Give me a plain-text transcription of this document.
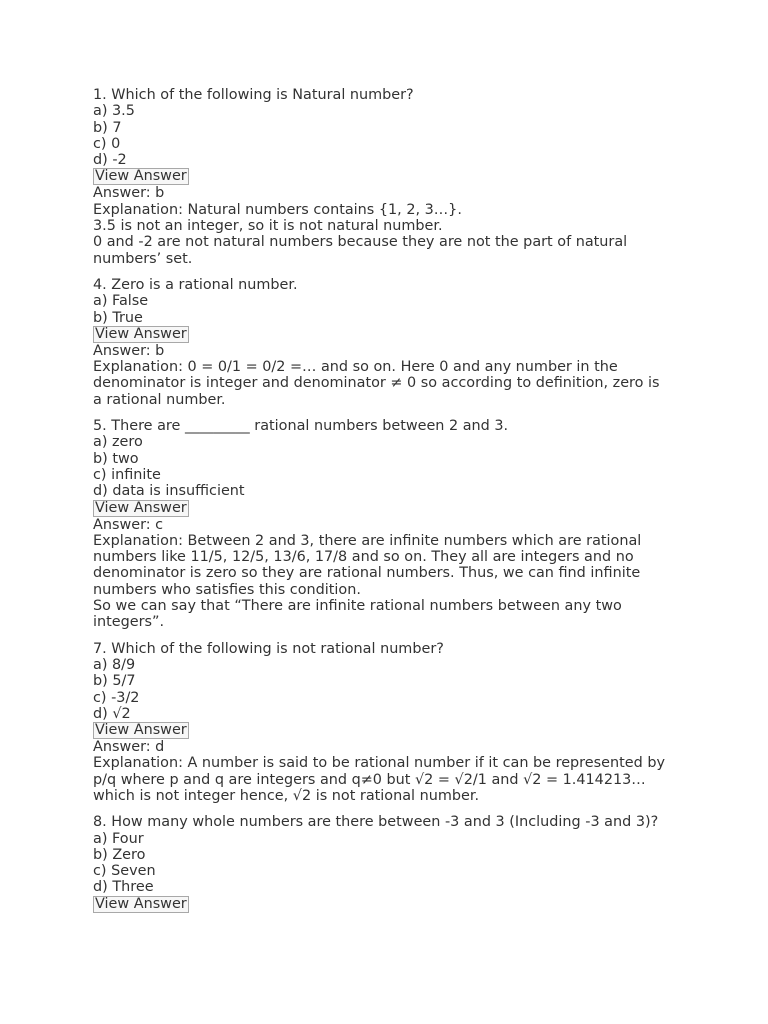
1. Which of the following is Natural number?
a) 3.5
b) 7
c) 0
d) -2
View Answer
Answer: b
Explanation: Natural numbers contains {1, 2, 3…}.
3.5 is not an integer, so it is not natural number.
0 and -2 are not natural numbers because they are not the part of natural numbers’ set.
4. Zero is a rational number.
a) False
b) True
View Answer
Answer: b
Explanation: 0 = 0/1 = 0/2 =… and so on. Here 0 and any number in the denominator is integer and denominator ≠ 0 so according to definition, zero is a rational number.
5. There are _________ rational numbers between 2 and 3.
a) zero
b) two
c) infinite
d) data is insufficient
View Answer
Answer: c
Explanation: Between 2 and 3, there are infinite numbers which are rational numbers like 11/5, 12/5, 13/6, 17/8 and so on. They all are integers and no denominator is zero so they are rational numbers. Thus, we can find infinite numbers who satisfies this condition.
So we can say that “There are infinite rational numbers between any two integers”.
7. Which of the following is not rational number?
a) 8/9
b) 5/7
c) -3/2
d) √2
View Answer
Answer: d
Explanation: A number is said to be rational number if it can be represented by p/q where p and q are integers and q≠0 but √2 = √2/1 and √2 = 1.414213… which is not integer hence, √2 is not rational number.
8. How many whole numbers are there between -3 and 3 (Including -3 and 3)?
a) Four
b) Zero
c) Seven
d) Three
View Answer
